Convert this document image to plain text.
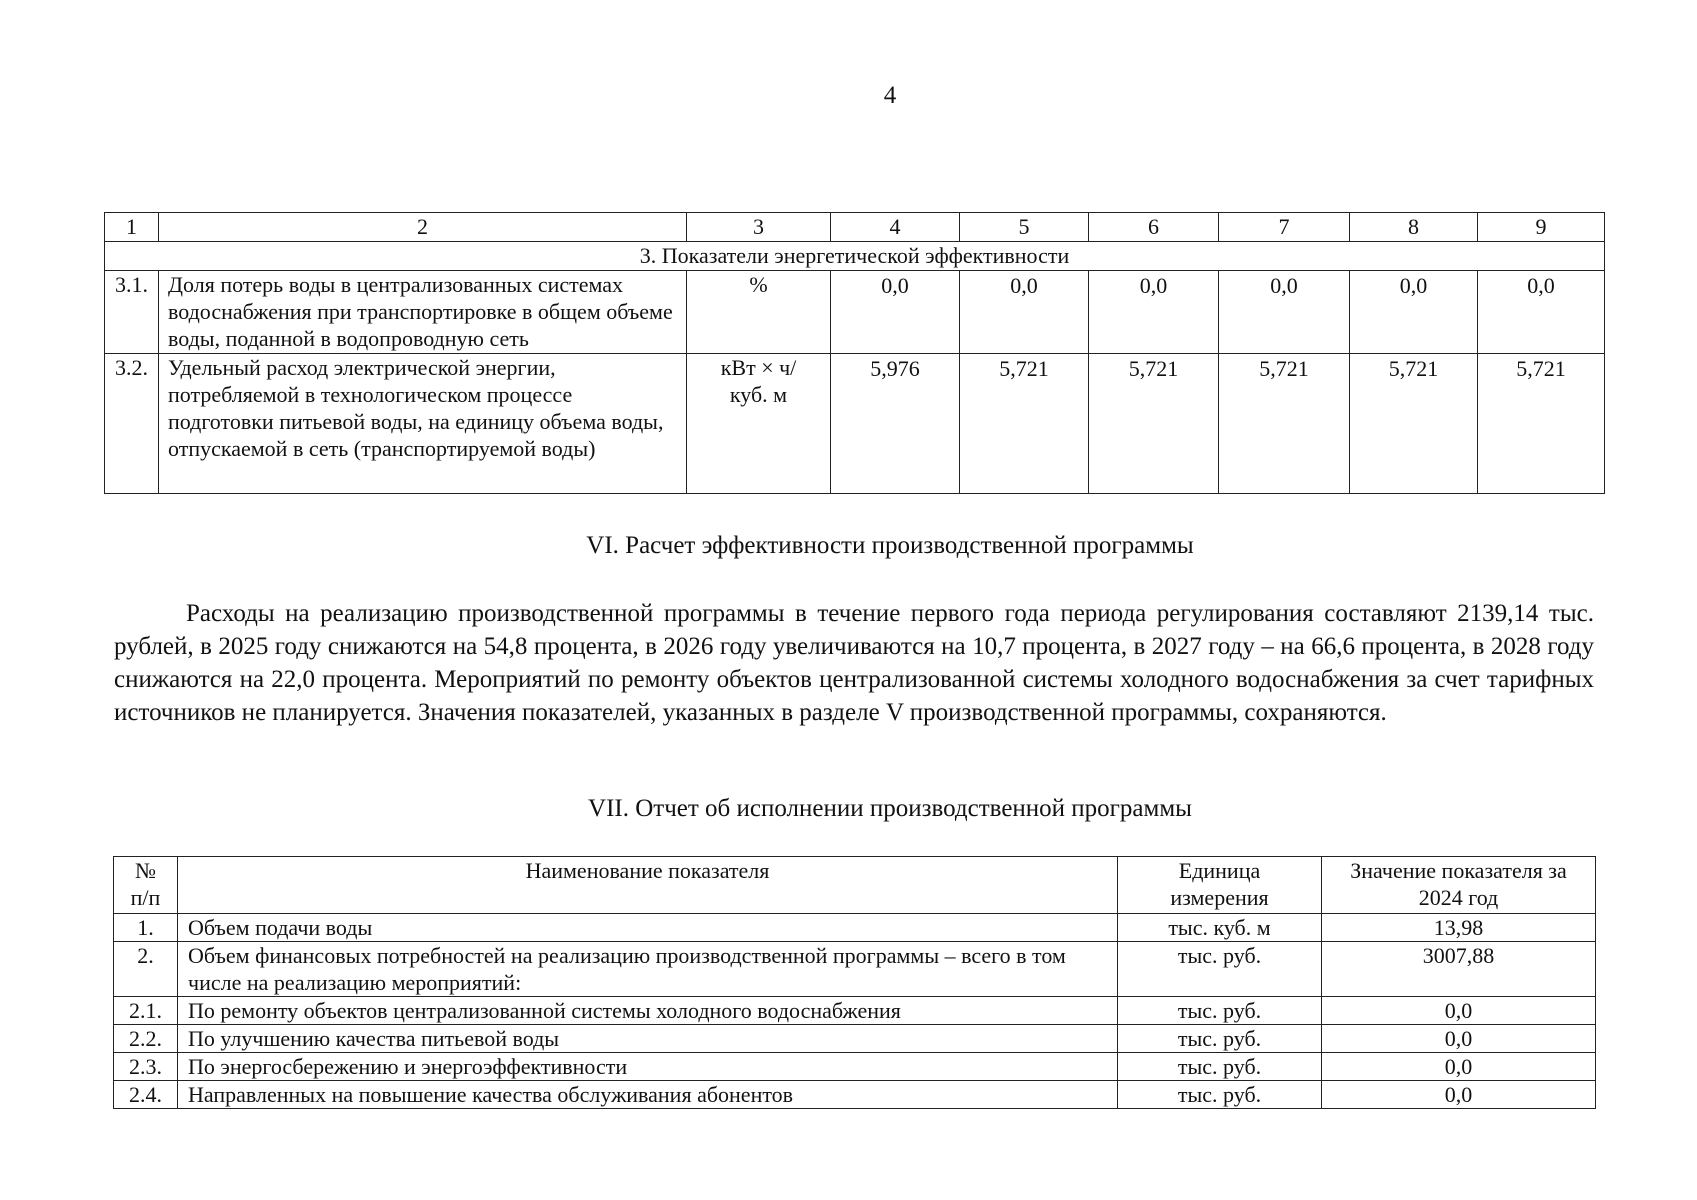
4
1	2	3	4	5	6	7	8	9
3. Показатели энергетической эффективности								
3.1.	Доля потерь воды в централизованных системах водоснабжения при транспортировке в общем объеме воды, поданной в водопроводную сеть	%	0,0	0,0	0,0	0,0	0,0	0,0
3.2.	Удельный расход электрической энергии, потребляемой в технологическом процессе подготовки питьевой воды, на единицу объема воды, отпускаемой в сеть (транспортируемой воды)	кВт × ч/ куб. м	5,976	5,721	5,721	5,721	5,721	5,721
VI. Расчет эффективности производственной программы

Расходы на реализацию производственной программы в течение первого года периода регулирования составляют 2139,14 тыс. рублей, в 2025 году снижаются на 54,8 процента, в 2026 году увеличиваются на 10,7 процента, в 2027 году – на 66,6 процента, в 2028 году снижаются на 22,0 процента. Мероприятий по ремонту объектов централизованной системы холодного водоснабжения за счет тарифных источников не планируется. Значения показателей, указанных в разделе V производственной программы, сохраняются.

VII. Отчет об исполнении производственной программы
№ п/п	Наименование показателя	Единица измерения	Значение показателя за 2024 год
1.	Объем подачи воды	тыс. куб. м	13,98
2.	Объем финансовых потребностей на реализацию производственной программы – всего в том числе на реализацию мероприятий:	тыс. руб.	3007,88
2.1.	По ремонту объектов централизованной системы холодного водоснабжения	тыс. руб.	0,0
2.2.	По улучшению качества питьевой воды	тыс. руб.	0,0
2.3.	По энергосбережению и энергоэффективности	тыс. руб.	0,0
2.4.	Направленных на повышение качества обслуживания абонентов	тыс. руб.	0,0
